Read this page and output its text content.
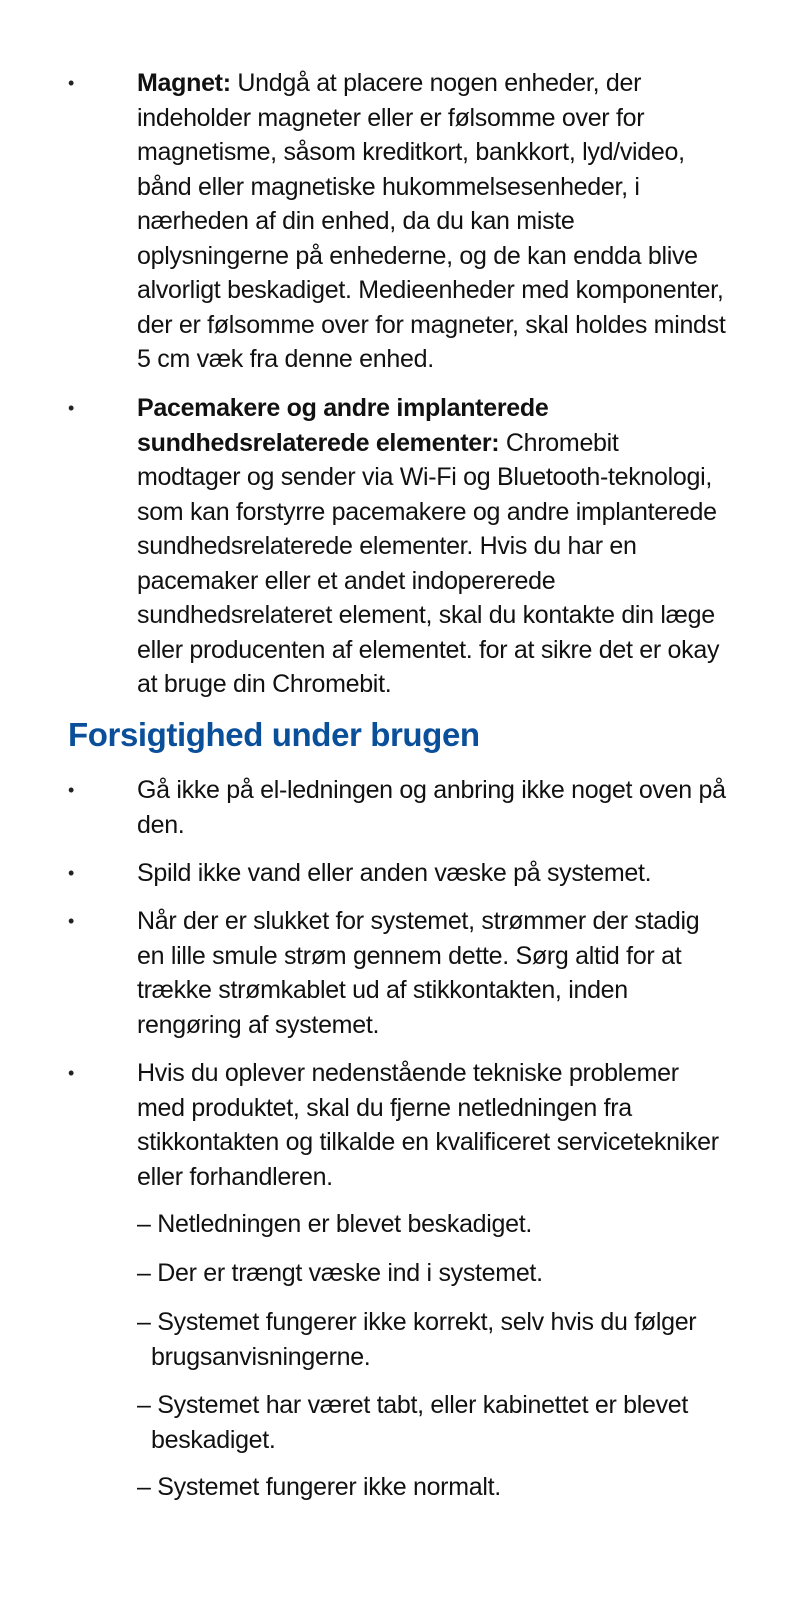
•	Magnet: Undgå at placere nogen enheder, der indeholder magneter eller er følsomme over for magnetisme, såsom kreditkort, bankkort, lyd/video, bånd eller magnetiske hukommelsesenheder, i nærheden af din enhed, da du kan miste oplysningerne på enhederne, og de kan endda blive alvorligt beskadiget. Medieenheder med komponenter, der er følsomme over for magneter, skal holdes mindst 5 cm væk fra denne enhed.
•	Pacemakere og andre implanterede sundhedsrelaterede elementer: Chromebit modtager og sender via Wi-Fi og Bluetooth-teknologi, som kan forstyrre pacemakere og andre implanterede sundhedsrelaterede elementer. Hvis du har en pacemaker eller et andet indopererede sundhedsrelateret element, skal du kontakte din læge eller producenten af elementet. for at sikre det er okay at bruge din Chromebit.
Forsigtighed under brugen
•	Gå ikke på el-ledningen og anbring ikke noget oven på den.
•	Spild ikke vand eller anden væske på systemet.
•	Når der er slukket for systemet, strømmer der stadig en lille smule strøm gennem dette. Sørg altid for at trække strømkablet ud af stikkontakten, inden rengøring af systemet.
•	Hvis du oplever nedenstående tekniske problemer med produktet, skal du fjerne netledningen fra stikkontakten og tilkalde en kvalificeret servicetekniker eller forhandleren.
– Netledningen er blevet beskadiget.
– Der er trængt væske ind i systemet.
– Systemet fungerer ikke korrekt, selv hvis du følger brugsanvisningerne.
– Systemet har været tabt, eller kabinettet er blevet beskadiget.
– Systemet fungerer ikke normalt.
